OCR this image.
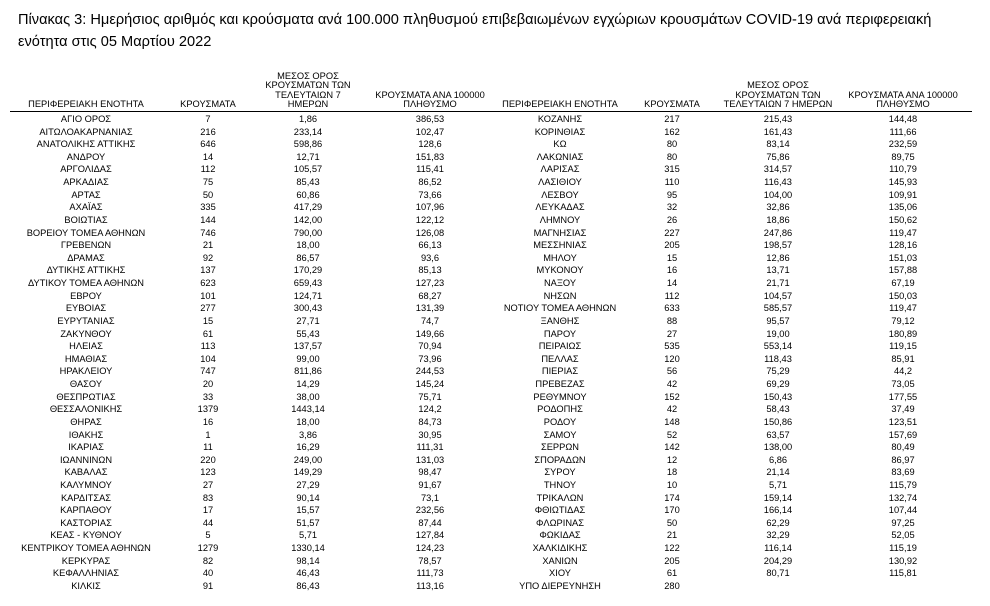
Πίνακας 3: Ημερήσιος αριθμός και κρούσματα ανά 100.000 πληθυσμού επιβεβαιωμένων εγχώριων κρουσμάτων COVID-19 ανά περιφερειακή ενότητα στις 05 Μαρτίου 2022
ΠΕΡΙΦΕΡΕΙΑΚΗ ΕΝΟΤΗΤΑ	ΚΡΟΥΣΜΑΤΑ
ΜΕΣΟΣ ΟΡΟΣ
ΚΡΟΥΣΜΑΤΩΝ ΤΩΝ
ΤΕΛΕΥΤΑΙΩΝ 7 ΗΜΕΡΩΝ
ΚΡΟΥΣΜΑΤΑ ΑΝΑ 100000
ΠΛΗΘΥΣΜΟ	ΠΕΡΙΦΕΡΕΙΑΚΗ ΕΝΟΤΗΤΑ	ΚΡΟΥΣΜΑΤΑ
ΜΕΣΟΣ ΟΡΟΣ
ΚΡΟΥΣΜΑΤΩΝ ΤΩΝ
ΤΕΛΕΥΤΑΙΩΝ 7 ΗΜΕΡΩΝ
ΚΡΟΥΣΜΑΤΑ ΑΝΑ 100000
ΠΛΗΘΥΣΜΟ
ΑΓΙΟ ΟΡΟΣ	7	1,86	386,53
ΑΙΤΩΛΟΑΚΑΡΝΑΝΙΑΣ	216	233,14	102,47
ΑΝΑΤΟΛΙΚΗΣ ΑΤΤΙΚΗΣ	646	598,86	128,6
ΑΝΔΡΟΥ	14	12,71	151,83
ΑΡΓΟΛΙΔΑΣ	112	105,57	115,41
ΑΡΚΑΔΙΑΣ	75	85,43	86,52
ΑΡΤΑΣ	50	60,86	73,66
ΑΧΑΪΑΣ	335	417,29	107,96
ΒΟΙΩΤΙΑΣ	144	142,00	122,12
ΒΟΡΕΙΟΥ ΤΟΜΕΑ ΑΘΗΝΩΝ	746	790,00	126,08
ΓΡΕΒΕΝΩΝ	21	18,00	66,13
ΔΡΑΜΑΣ	92	86,57	93,6
ΔΥΤΙΚΗΣ ΑΤΤΙΚΗΣ	137	170,29	85,13
ΔΥΤΙΚΟΥ ΤΟΜΕΑ ΑΘΗΝΩΝ	623	659,43	127,23
ΕΒΡΟΥ	101	124,71	68,27
ΕΥΒΟΙΑΣ	277	300,43	131,39
ΕΥΡΥΤΑΝΙΑΣ	15	27,71	74,7
ΖΑΚΥΝΘΟΥ	61	55,43	149,66
ΗΛΕΙΑΣ	113	137,57	70,94
ΗΜΑΘΙΑΣ	104	99,00	73,96
ΗΡΑΚΛΕΙΟΥ	747	811,86	244,53
ΘΑΣΟΥ	20	14,29	145,24
ΘΕΣΠΡΩΤΙΑΣ	33	38,00	75,71
ΘΕΣΣΑΛΟΝΙΚΗΣ	1379	1443,14	124,2
ΘΗΡΑΣ	16	18,00	84,73
ΙΘΑΚΗΣ	1	3,86	30,95
ΙΚΑΡΙΑΣ	11	16,29	111,31
ΙΩΑΝΝΙΝΩΝ	220	249,00	131,03
ΚΑΒΑΛΑΣ	123	149,29	98,47
ΚΑΛΥΜΝΟΥ	27	27,29	91,67
ΚΑΡΔΙΤΣΑΣ	83	90,14	73,1
ΚΑΡΠΑΘΟΥ	17	15,57	232,56
ΚΑΣΤΟΡΙΑΣ	44	51,57	87,44
ΚΕΑΣ - ΚΥΘΝΟΥ	5	5,71	127,84
ΚΕΝΤΡΙΚΟΥ ΤΟΜΕΑ ΑΘΗΝΩΝ	1279	1330,14	124,23
ΚΕΡΚΥΡΑΣ	82	98,14	78,57
ΚΕΦΑΛΛΗΝΙΑΣ	40	46,43	111,73
ΚΙΛΚΙΣ	91	86,43	113,16
ΚΟΖΑΝΗΣ	217	215,43	144,48
ΚΟΡΙΝΘΙΑΣ	162	161,43	111,66
ΚΩ	80	83,14	232,59
ΛΑΚΩΝΙΑΣ	80	75,86	89,75
ΛΑΡΙΣΑΣ	315	314,57	110,79
ΛΑΣΙΘΙΟΥ	110	116,43	145,93
ΛΕΣΒΟΥ	95	104,00	109,91
ΛΕΥΚΑΔΑΣ	32	32,86	135,06
ΛΗΜΝΟΥ	26	18,86	150,62
ΜΑΓΝΗΣΙΑΣ	227	247,86	119,47
ΜΕΣΣΗΝΙΑΣ	205	198,57	128,16
ΜΗΛΟΥ	15	12,86	151,03
ΜΥΚΟΝΟΥ	16	13,71	157,88
ΝΑΞΟΥ	14	21,71	67,19
ΝΗΣΩΝ	112	104,57	150,03
ΝΟΤΙΟΥ ΤΟΜΕΑ ΑΘΗΝΩΝ	633	585,57	119,47
ΞΑΝΘΗΣ	88	95,57	79,12
ΠΑΡΟΥ	27	19,00	180,89
ΠΕΙΡΑΙΩΣ	535	553,14	119,15
ΠΕΛΛΑΣ	120	118,43	85,91
ΠΙΕΡΙΑΣ	56	75,29	44,2
ΠΡΕΒΕΖΑΣ	42	69,29	73,05
ΡΕΘΥΜΝΟΥ	152	150,43	177,55
ΡΟΔΟΠΗΣ	42	58,43	37,49
ΡΟΔΟΥ	148	150,86	123,51
ΣΑΜΟΥ	52	63,57	157,69
ΣΕΡΡΩΝ	142	138,00	80,49
ΣΠΟΡΑΔΩΝ	12	6,86	86,97
ΣΥΡΟΥ	18	21,14	83,69
ΤΗΝΟΥ	10	5,71	115,79
ΤΡΙΚΑΛΩΝ	174	159,14	132,74
ΦΘΙΩΤΙΔΑΣ	170	166,14	107,44
ΦΛΩΡΙΝΑΣ	50	62,29	97,25
ΦΩΚΙΔΑΣ	21	32,29	52,05
ΧΑΛΚΙΔΙΚΗΣ	122	116,14	115,19
ΧΑΝΙΩΝ	205	204,29	130,92
ΧΙΟΥ	61	80,71	115,81
ΥΠΟ ΔΙΕΡΕΥΝΗΣΗ	280
